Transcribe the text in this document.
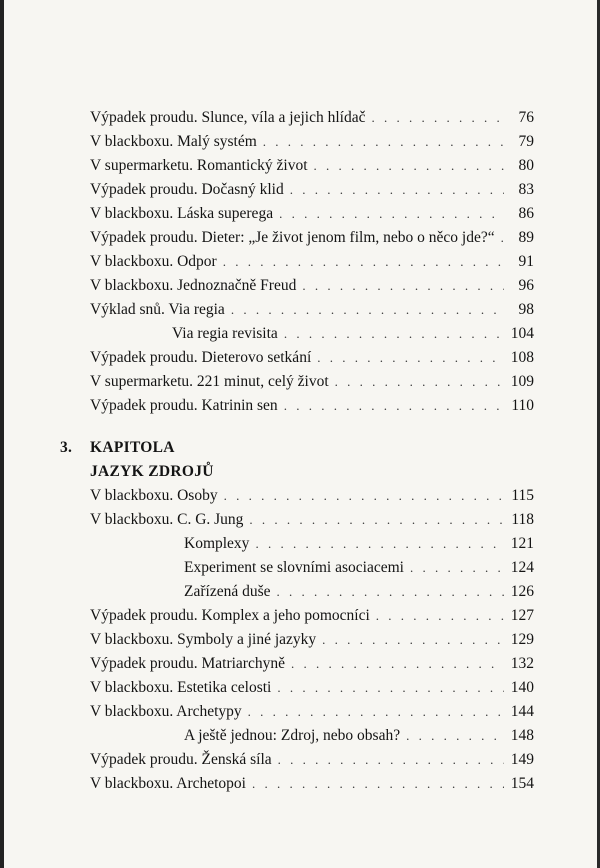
Výpadek proudu. Slunce, víla a jejich hlídač . . .	76
V blackboxu. Malý systém . . .	79
V supermarketu. Romantický život . . .	80
Výpadek proudu. Dočasný klid . . .	83
V blackboxu. Láska superega . . .	86
Výpadek proudu. Dieter: „Je život jenom film, nebo o něco jde?“ . . .	89
V blackboxu. Odpor . . .	91
V blackboxu. Jednoznačně Freud . . .	96
Výklad snů. Via regia . . .	98
Via regia revisita . . .	104
Výpadek proudu. Dieterovo setkání . . .	108
V supermarketu. 221 minut, celý život . . .	109
Výpadek proudu. Katrinin sen . . .	110
3. KAPITOLA
JAZYK ZDROJŮ
V blackboxu. Osoby . . .	115
V blackboxu. C. G. Jung . . .	118
Komplexy . . .	121
Experiment se slovními asociacemi . . .	124
Zařízená duše . . .	126
Výpadek proudu. Komplex a jeho pomocníci . . .	127
V blackboxu. Symboly a jiné jazyky . . .	129
Výpadek proudu. Matriarchyně . . .	132
V blackboxu. Estetika celosti . . .	140
V blackboxu. Archetypy . . .	144
A ještě jednou: Zdroj, nebo obsah? . . .	148
Výpadek proudu. Ženská síla . . .	149
V blackboxu. Archetopoi . . .	154
